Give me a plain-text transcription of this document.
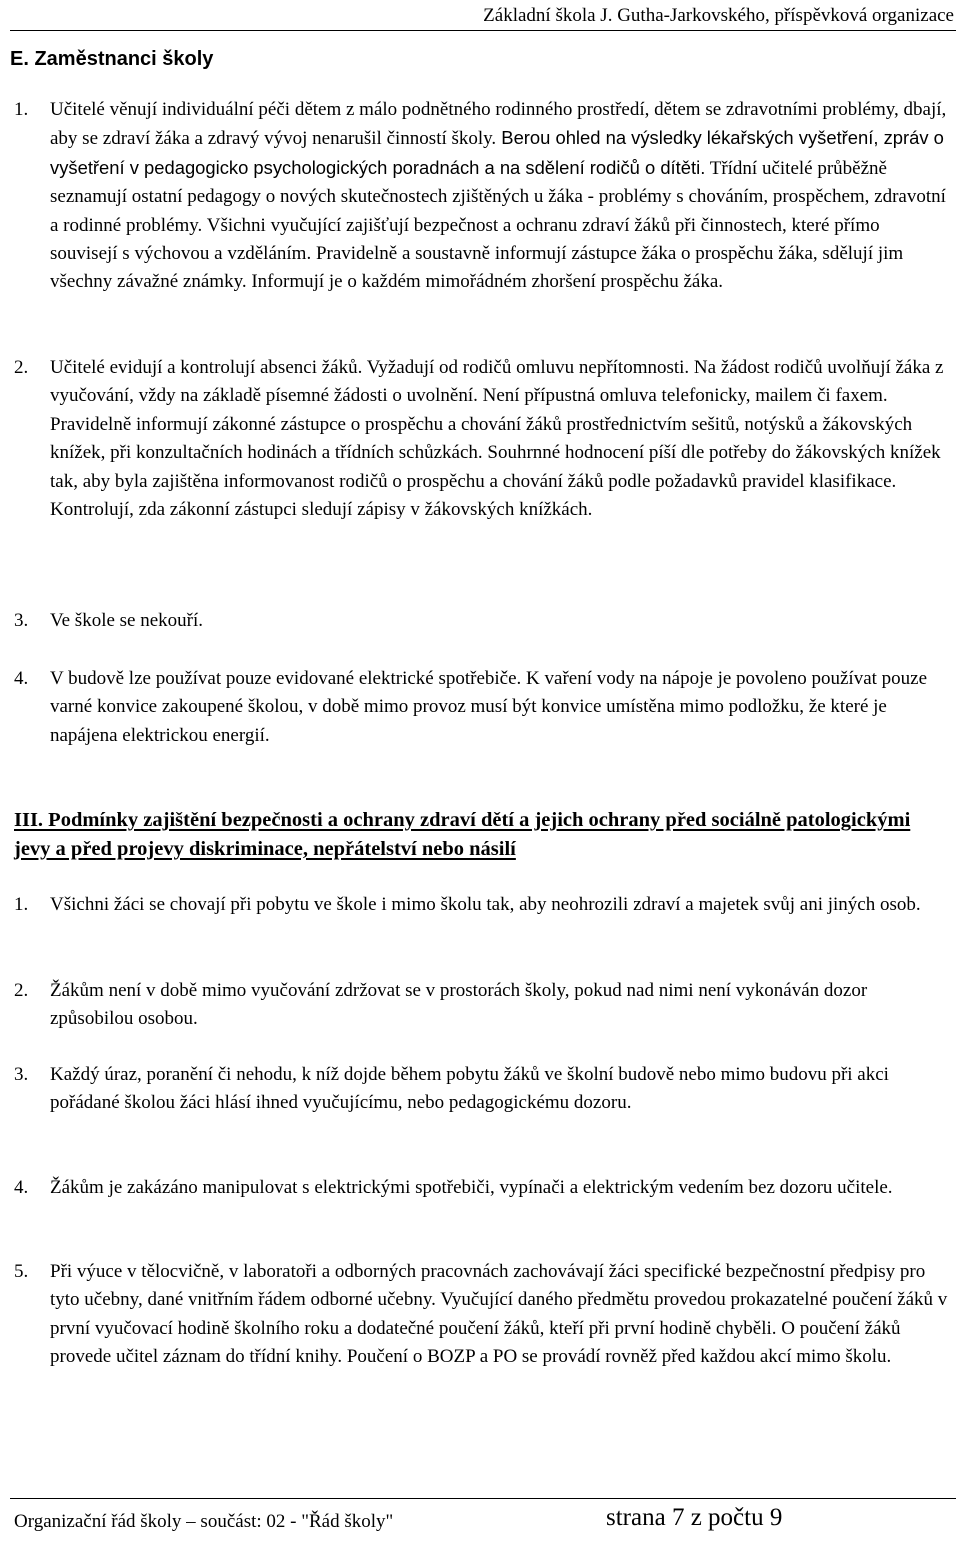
Základní škola J. Gutha-Jarkovského, příspěvková organizace
E. Zaměstnanci školy
1.	Učitelé věnují individuální péči dětem z málo podnětného rodinného prostředí, dětem se zdravotními problémy, dbají, aby se zdraví žáka a zdravý vývoj nenarušil činností školy. Berou ohled na výsledky lékařských vyšetření, zpráv o vyšetření v pedagogicko psychologických poradnách a na sdělení rodičů o dítěti. Třídní učitelé průběžně seznamují ostatní pedagogy o nových skutečnostech zjištěných u žáka - problémy s chováním, prospěchem, zdravotní a rodinné problémy. Všichni vyučující zajišťují bezpečnost a ochranu zdraví žáků při činnostech, které přímo souvisejí s výchovou a vzděláním. Pravidelně a soustavně informují zástupce žáka o prospěchu žáka, sdělují jim všechny závažné známky. Informují je o každém mimořádném zhoršení prospěchu žáka.
2.	Učitelé evidují a kontrolují absenci žáků. Vyžadují od rodičů omluvu nepřítomnosti. Na žádost rodičů uvolňují žáka z vyučování, vždy na základě písemné žádosti o uvolnění. Není přípustná omluva telefonicky, mailem či faxem. Pravidelně informují zákonné zástupce o prospěchu a chování žáků prostřednictvím sešitů, notýsků a žákovských knížek, při konzultačních hodinách a třídních schůzkách. Souhrnné hodnocení píší dle potřeby do žákovských knížek tak, aby byla zajištěna informovanost rodičů o prospěchu a chování žáků podle požadavků pravidel klasifikace. Kontrolují, zda zákonní zástupci sledují zápisy v žákovských knížkách.
3.	Ve škole se nekouří.
4.	V budově lze používat pouze evidované elektrické spotřebiče. K vaření vody na nápoje je povoleno používat pouze varné konvice zakoupené školou, v době mimo provoz musí být konvice umístěna mimo podložku, že které je napájena elektrickou energií.
III. Podmínky zajištění bezpečnosti a ochrany zdraví dětí a jejich ochrany před sociálně patologickými jevy a před projevy diskriminace, nepřátelství nebo násilí
1.	Všichni žáci se chovají při pobytu ve škole i mimo školu tak, aby neohrozili zdraví a majetek svůj ani jiných osob.
2.	Žákům není v době mimo vyučování zdržovat se v prostorách školy, pokud nad nimi není vykonáván dozor způsobilou osobou.
3.	Každý úraz, poranění či nehodu, k níž dojde během pobytu žáků ve školní budově nebo mimo budovu při akci pořádané školou žáci hlásí ihned vyučujícímu, nebo pedagogickému dozoru.
4.	Žákům je zakázáno manipulovat s elektrickými spotřebiči, vypínači a elektrickým vedením bez dozoru učitele.
5.	Při výuce v tělocvičně, v laboratoři a odborných pracovnách zachovávají žáci specifické bezpečnostní předpisy pro tyto učebny, dané vnitřním řádem odborné učebny. Vyučující daného předmětu provedou prokazatelné poučení žáků v první vyučovací hodině školního roku a dodatečné poučení žáků, kteří při první hodině chyběli. O poučení žáků provede učitel záznam do třídní knihy. Poučení o BOZP a PO se provádí rovněž před každou akcí mimo školu.
Organizační řád školy – součást: 02 - "Řád školy"	strana 7 z počtu 9
